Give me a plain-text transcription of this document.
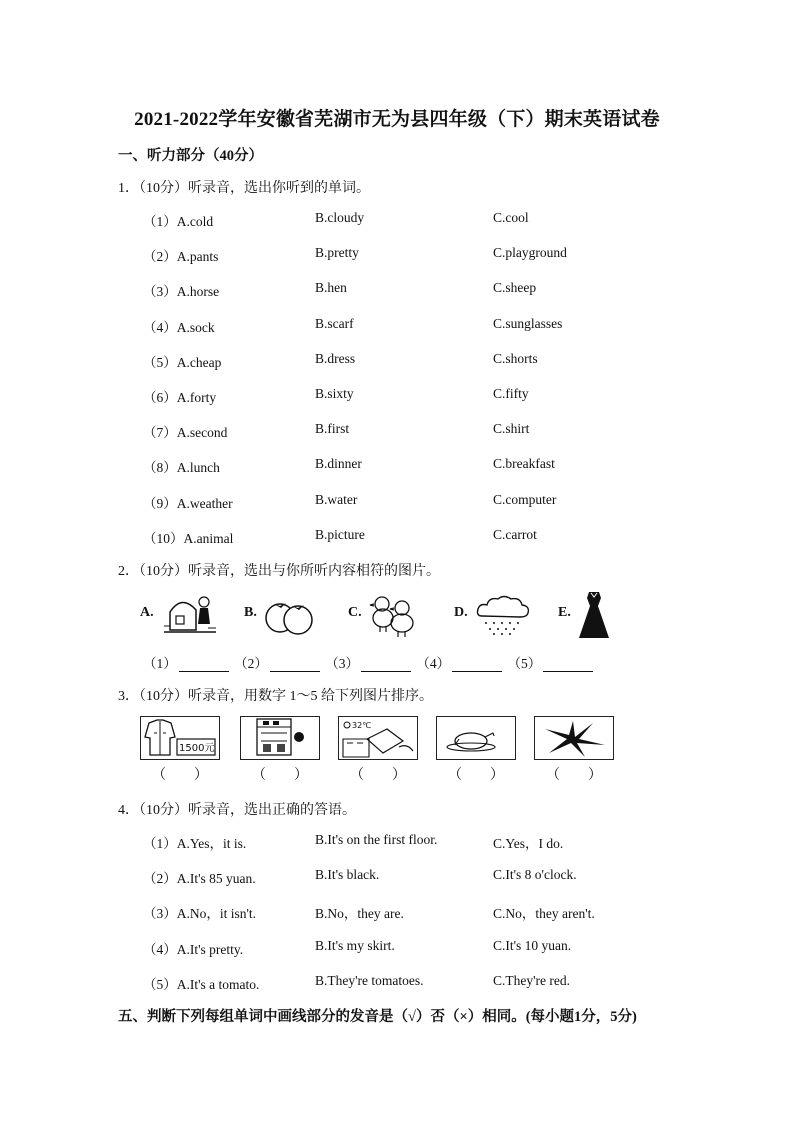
2021-2022学年安徽省芜湖市无为县四年级（下）期末英语试卷
一、听力部分（40分）
1．（10分）听录音，选出你听到的单词。
（1）A.cold	B.cloudy	C.cool
（2）A.pants	B.pretty	C.playground
（3）A.horse	B.hen	C.sheep
（4）A.sock	B.scarf	C.sunglasses
（5）A.cheap	B.dress	C.shorts
（6）A.forty	B.sixty	C.fifty
（7）A.second	B.first	C.shirt
（8）A.lunch	B.dinner	C.breakfast
（9）A.weather	B.water	C.computer
（10）A.animal	B.picture	C.carrot
2．（10分）听录音，选出与你所听内容相符的图片。
A.	B.	C.	D.	E.
（1）	（2）	（3）	（4）	（5）
3．（10分）听录音，用数字 1～5 给下列图片排序。
1500元
32℃
（　　）	（　　）	（　　）	（　　）	（　　）
4．（10分）听录音，选出正确的答语。
（1）A.Yes，it is.	B.It's on the first floor.	C.Yes，I do.
（2）A.It's 85 yuan.	B.It's black.	C.It's 8 o'clock.
（3）A.No，it isn't.	B.No，they are.	C.No，they aren't.
（4）A.It's pretty.	B.It's my skirt.	C.It's 10 yuan.
（5）A.It's a tomato.	B.They're tomatoes.	C.They're red.
五、判断下列每组单词中画线部分的发音是（√）否（×）相同。(每小题1分，5分)
